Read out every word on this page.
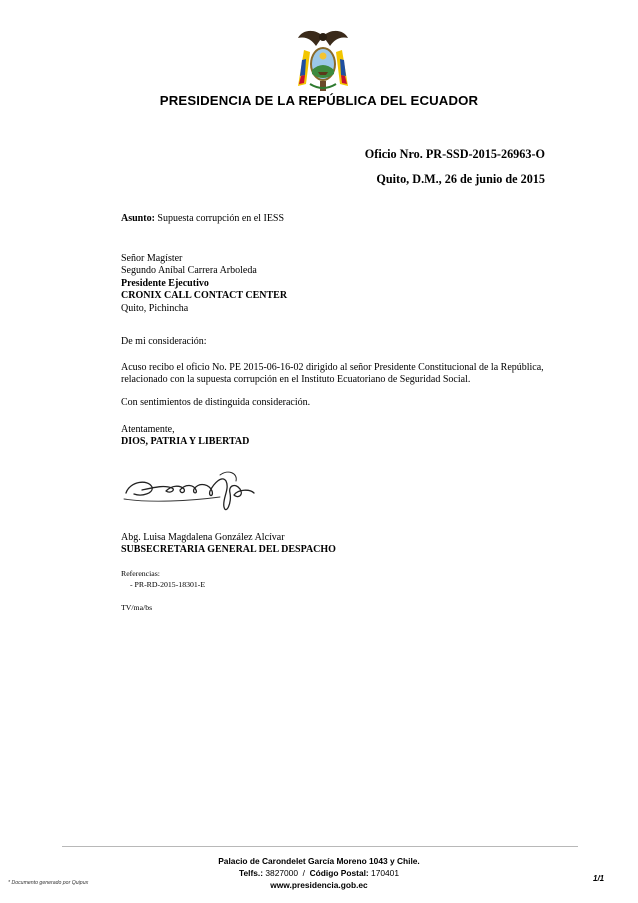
PRESIDENCIA DE LA REPÚBLICA DEL ECUADOR
Oficio Nro. PR-SSD-2015-26963-O
Quito, D.M., 26 de junio de 2015
Asunto: Supuesta corrupción en el IESS
Señor Magíster
Segundo Aníbal Carrera Arboleda
Presidente Ejecutivo
CRONIX CALL CONTACT CENTER
Quito, Pichincha
De mi consideración:
Acuso recibo el oficio No. PE 2015-06-16-02 dirigido al señor Presidente Constitucional de la República,
relacionado con la supuesta corrupción en el Instituto Ecuatoriano de Seguridad Social.
Con sentimientos de distinguida consideración.
Atentamente,
DIOS, PATRIA Y LIBERTAD
Abg. Luisa Magdalena González Alcívar
SUBSECRETARIA GENERAL DEL DESPACHO
Referencias:
- PR-RD-2015-18301-E
TV/ma/bs
Palacio de Carondelet García Moreno 1043 y Chile.
Telfs.: 3827000 / Código Postal: 170401
www.presidencia.gob.ec
* Documento generado por Quipux	1/1
